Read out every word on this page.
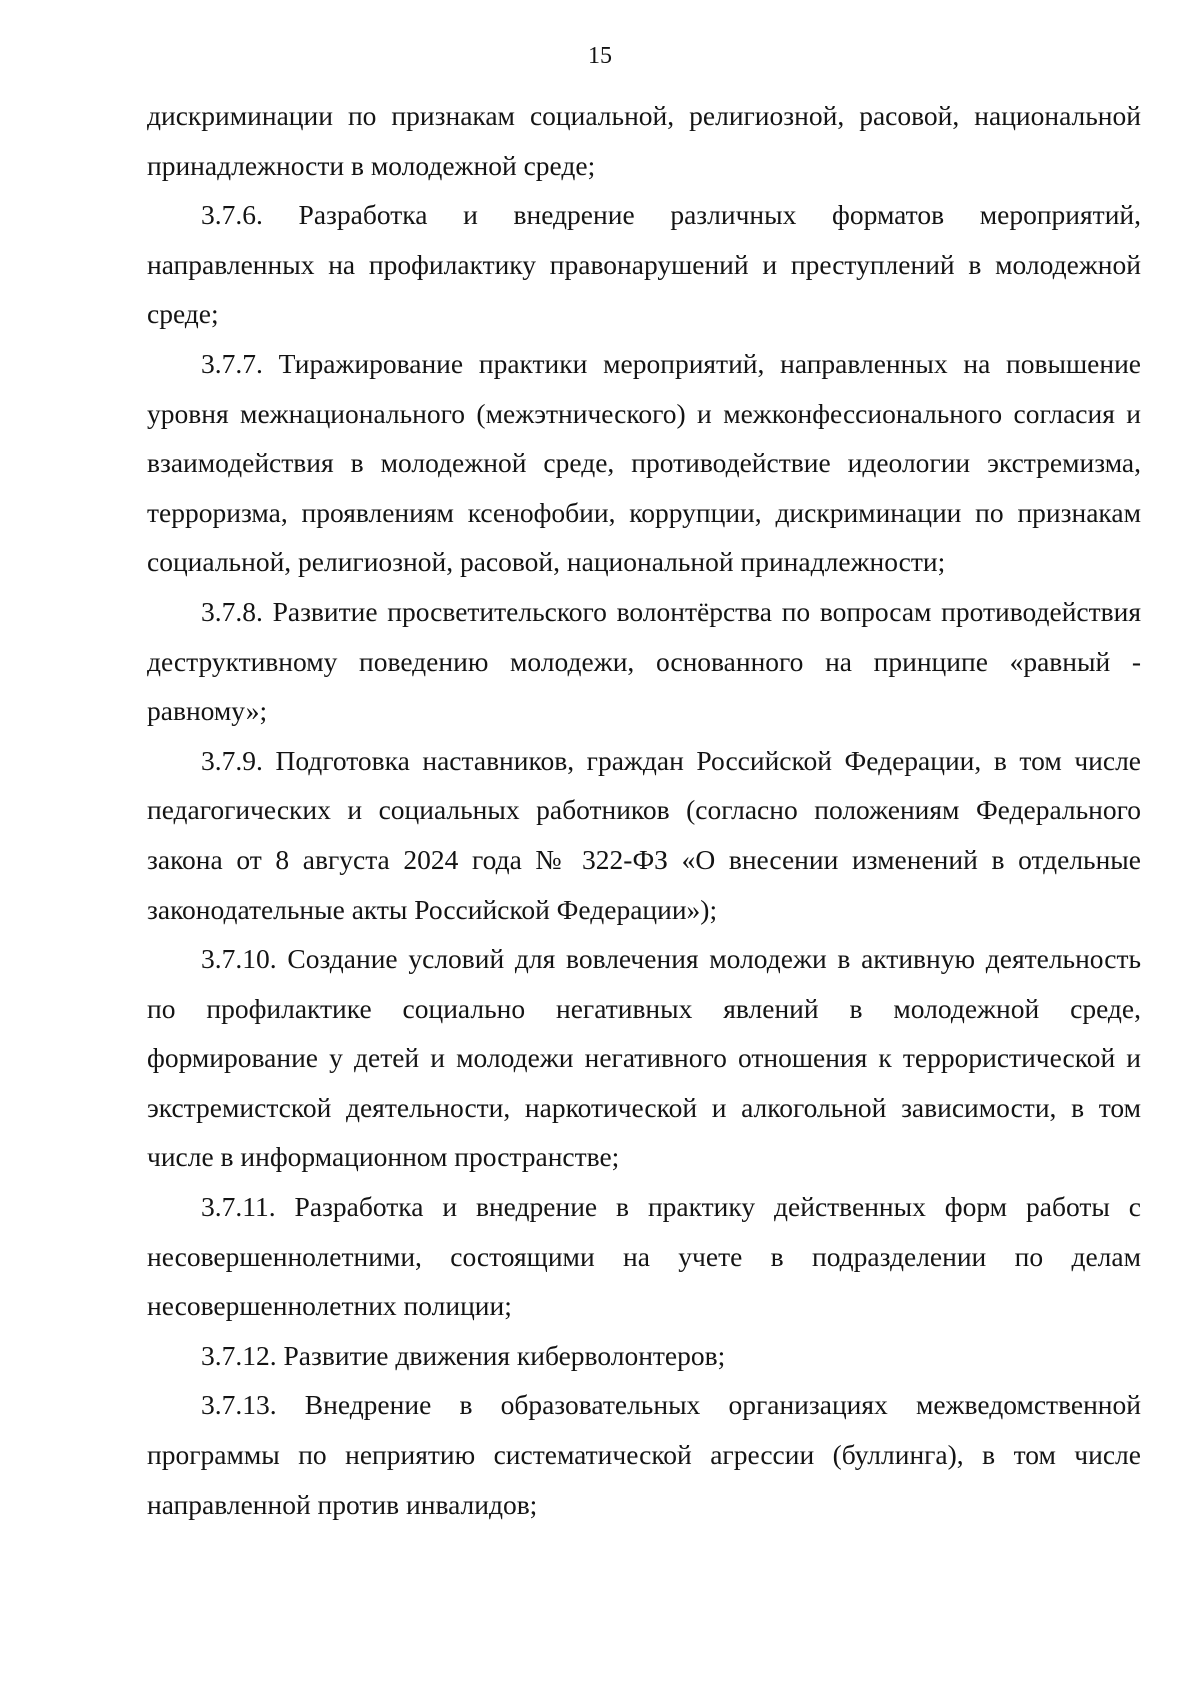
15

дискриминации по признакам социальной, религиозной, расовой, национальной принадлежности в молодежной среде;

3.7.6. Разработка и внедрение различных форматов мероприятий, направленных на профилактику правонарушений и преступлений в молодежной среде;

3.7.7. Тиражирование практики мероприятий, направленных на повышение уровня межнационального (межэтнического) и межконфессионального согласия и взаимодействия в молодежной среде, противодействие идеологии экстремизма, терроризма, проявлениям ксенофобии, коррупции, дискриминации по признакам социальной, религиозной, расовой, национальной принадлежности;

3.7.8. Развитие просветительского волонтёрства по вопросам противодействия деструктивному поведению молодежи, основанного на принципе «равный - равному»;

3.7.9. Подготовка наставников, граждан Российской Федерации, в том числе педагогических и социальных работников (согласно положениям Федерального закона от 8 августа 2024 года № 322-ФЗ «О внесении изменений в отдельные законодательные акты Российской Федерации»);

3.7.10. Создание условий для вовлечения молодежи в активную деятельность по профилактике социально негативных явлений в молодежной среде, формирование у детей и молодежи негативного отношения к террористической и экстремистской деятельности, наркотической и алкогольной зависимости, в том числе в информационном пространстве;

3.7.11. Разработка и внедрение в практику действенных форм работы с несовершеннолетними, состоящими на учете в подразделении по делам несовершеннолетних полиции;

3.7.12. Развитие движения киберволонтеров;

3.7.13. Внедрение в образовательных организациях межведомственной программы по неприятию систематической агрессии (буллинга), в том числе направленной против инвалидов;
